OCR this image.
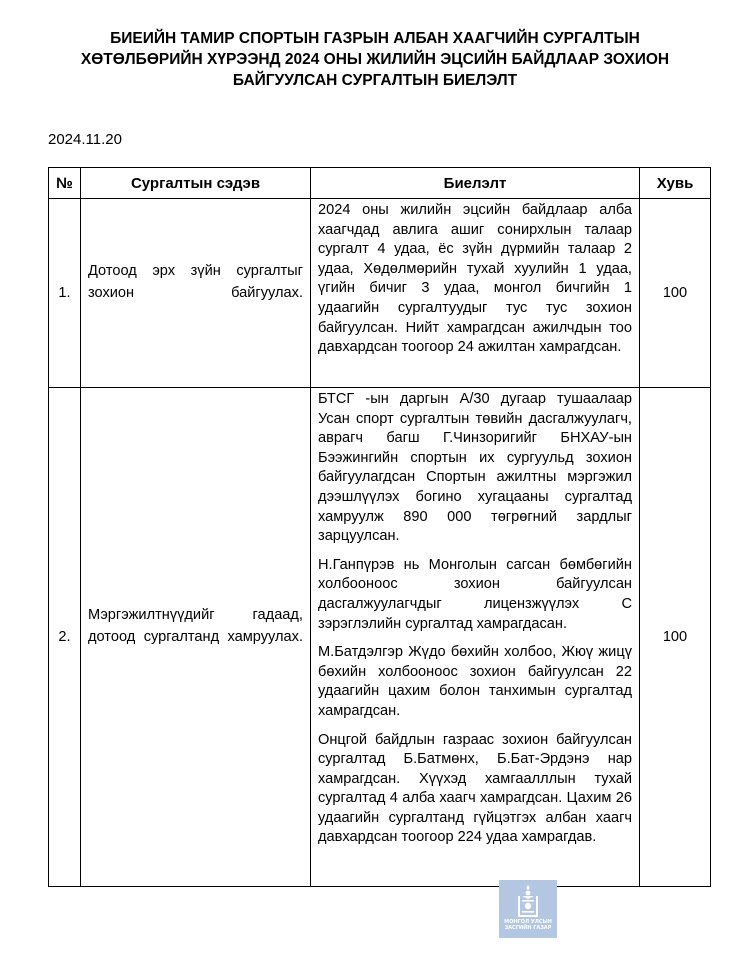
БИЕИЙН ТАМИР СПОРТЫН ГАЗРЫН АЛБАН ХААГЧИЙН СУРГАЛТЫН ХӨТӨЛБӨРИЙН ХҮРЭЭНД 2024 ОНЫ ЖИЛИЙН ЭЦСИЙН БАЙДЛААР ЗОХИОН БАЙГУУЛСАН СУРГАЛТЫН БИЕЛЭЛТ
2024.11.20
№	Сургалтын сэдэв	Биелэлт	Хувь
1.	Дотоод эрх зүйн сургалтыг зохион байгуулах.	2024 оны жилийн эцсийн байдлаар алба хаагчдад авлига ашиг сонирхлын талаар сургалт 4 удаа, ёс зүйн дүрмийн талаар 2 удаа, Хөдөлмөрийн тухай хуулийн 1 удаа, үгийн бичиг 3 удаа, монгол бичгийн 1 удаагийн сургалтуудыг тус тус зохион байгуулсан. Нийт хамрагдсан ажилчдын тоо давхардсан тоогоор 24 ажилтан хамрагдсан.	100
2.	Мэргэжилтнүүдийг гадаад, дотоод сургалтанд хамруулах.	БТСГ -ын даргын А/30 дугаар тушаалаар Усан спорт сургалтын төвийн дасгалжуулагч, аврагч багш Г.Чинзоригийг БНХАУ-ын Бээжингийн спортын их сургуульд зохион байгуулагдсан Спортын ажилтны мэргэжил дээшлүүлэх богино хугацааны сургалтад хамруулж 890 000 төгрөгний зардлыг зарцуулсан.

Н.Ганпүрэв нь Монголын сагсан бөмбөгийн холбооноос зохион байгуулсан дасгалжуулагчдыг лицензжүүлэх С зэрэглэлийн сургалтад хамрагдасан.

М.Батдэлгэр Жүдо бөхийн холбоо, Жюү жицү бөхийн холбооноос зохион байгуулсан 22 удаагийн цахим болон танхимын сургалтад хамрагдсан.

Онцгой байдлын газраас зохион байгуулсан сургалтад Б.Батмөнх, Б.Бат-Эрдэнэ нар хамрагдсан. Хүүхэд хамгаалллын тухай сургалтад 4 алба хаагч хамрагдсан. Цахим 26 удаагийн сургалтанд гүйцэтгэх албан хаагч давхардсан тоогоор 224 удаа хамрагдав.	100
МОНГОЛ УЛСЫН
ЗАСГИЙН ГАЗАР
